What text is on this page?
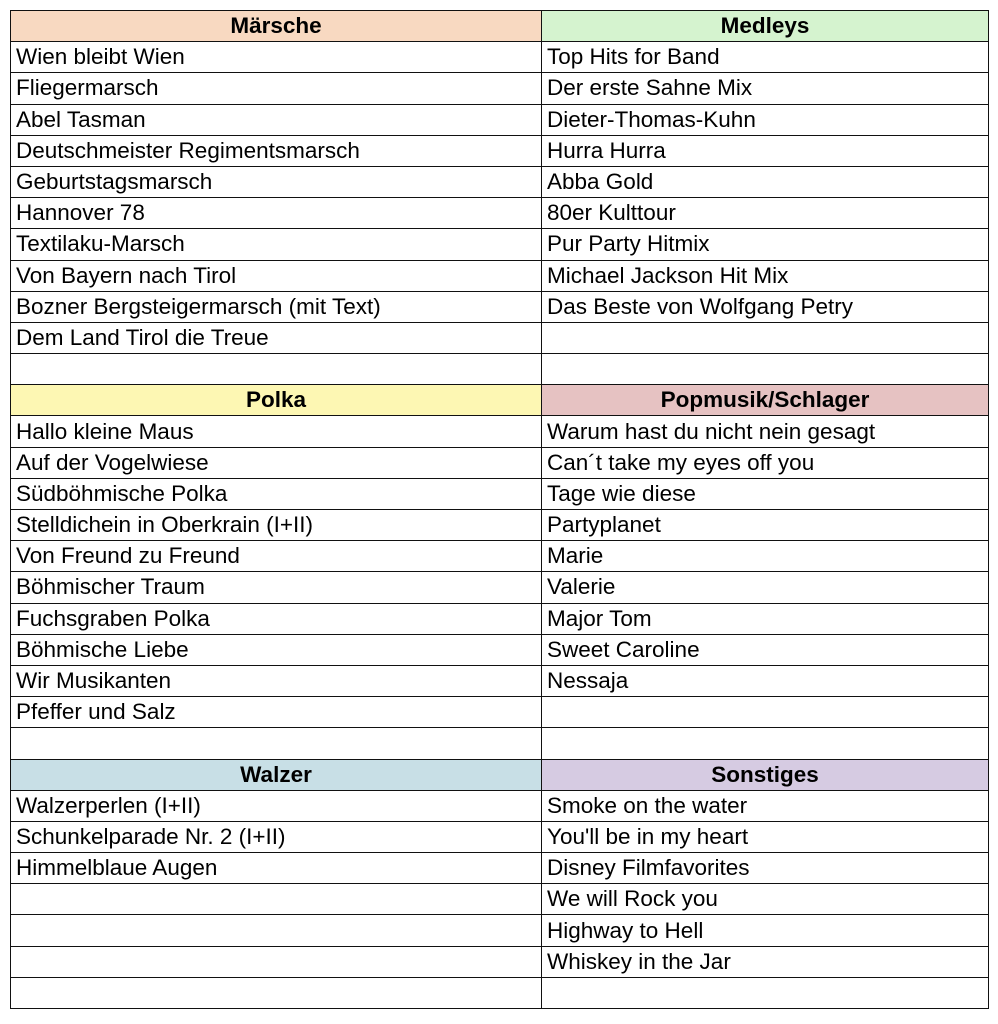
Märsche	Medleys
Wien bleibt Wien	Top Hits for Band
Fliegermarsch	Der erste Sahne Mix
Abel Tasman	Dieter-Thomas-Kuhn
Deutschmeister Regimentsmarsch	Hurra Hurra
Geburtstagsmarsch	Abba Gold
Hannover 78	80er Kulttour
Textilaku-Marsch	Pur Party Hitmix
Von Bayern nach Tirol	Michael Jackson Hit Mix
Bozner Bergsteigermarsch (mit Text)	Das Beste von Wolfgang Petry
Dem Land Tirol die Treue	

Polka	Popmusik/Schlager
Hallo kleine Maus	Warum hast du nicht nein gesagt
Auf der Vogelwiese	Can´t take my eyes off you
Südböhmische Polka	Tage wie diese
Stelldichein in Oberkrain (I+II)	Partyplanet
Von Freund zu Freund	Marie
Böhmischer Traum	Valerie
Fuchsgraben Polka	Major Tom
Böhmische Liebe	Sweet Caroline
Wir Musikanten	Nessaja
Pfeffer und Salz	

Walzer	Sonstiges
Walzerperlen (I+II)	Smoke on the water
Schunkelparade Nr. 2 (I+II)	You'll be in my heart
Himmelblaue Augen	Disney Filmfavorites
	We will Rock you
	Highway to Hell
	Whiskey in the Jar
